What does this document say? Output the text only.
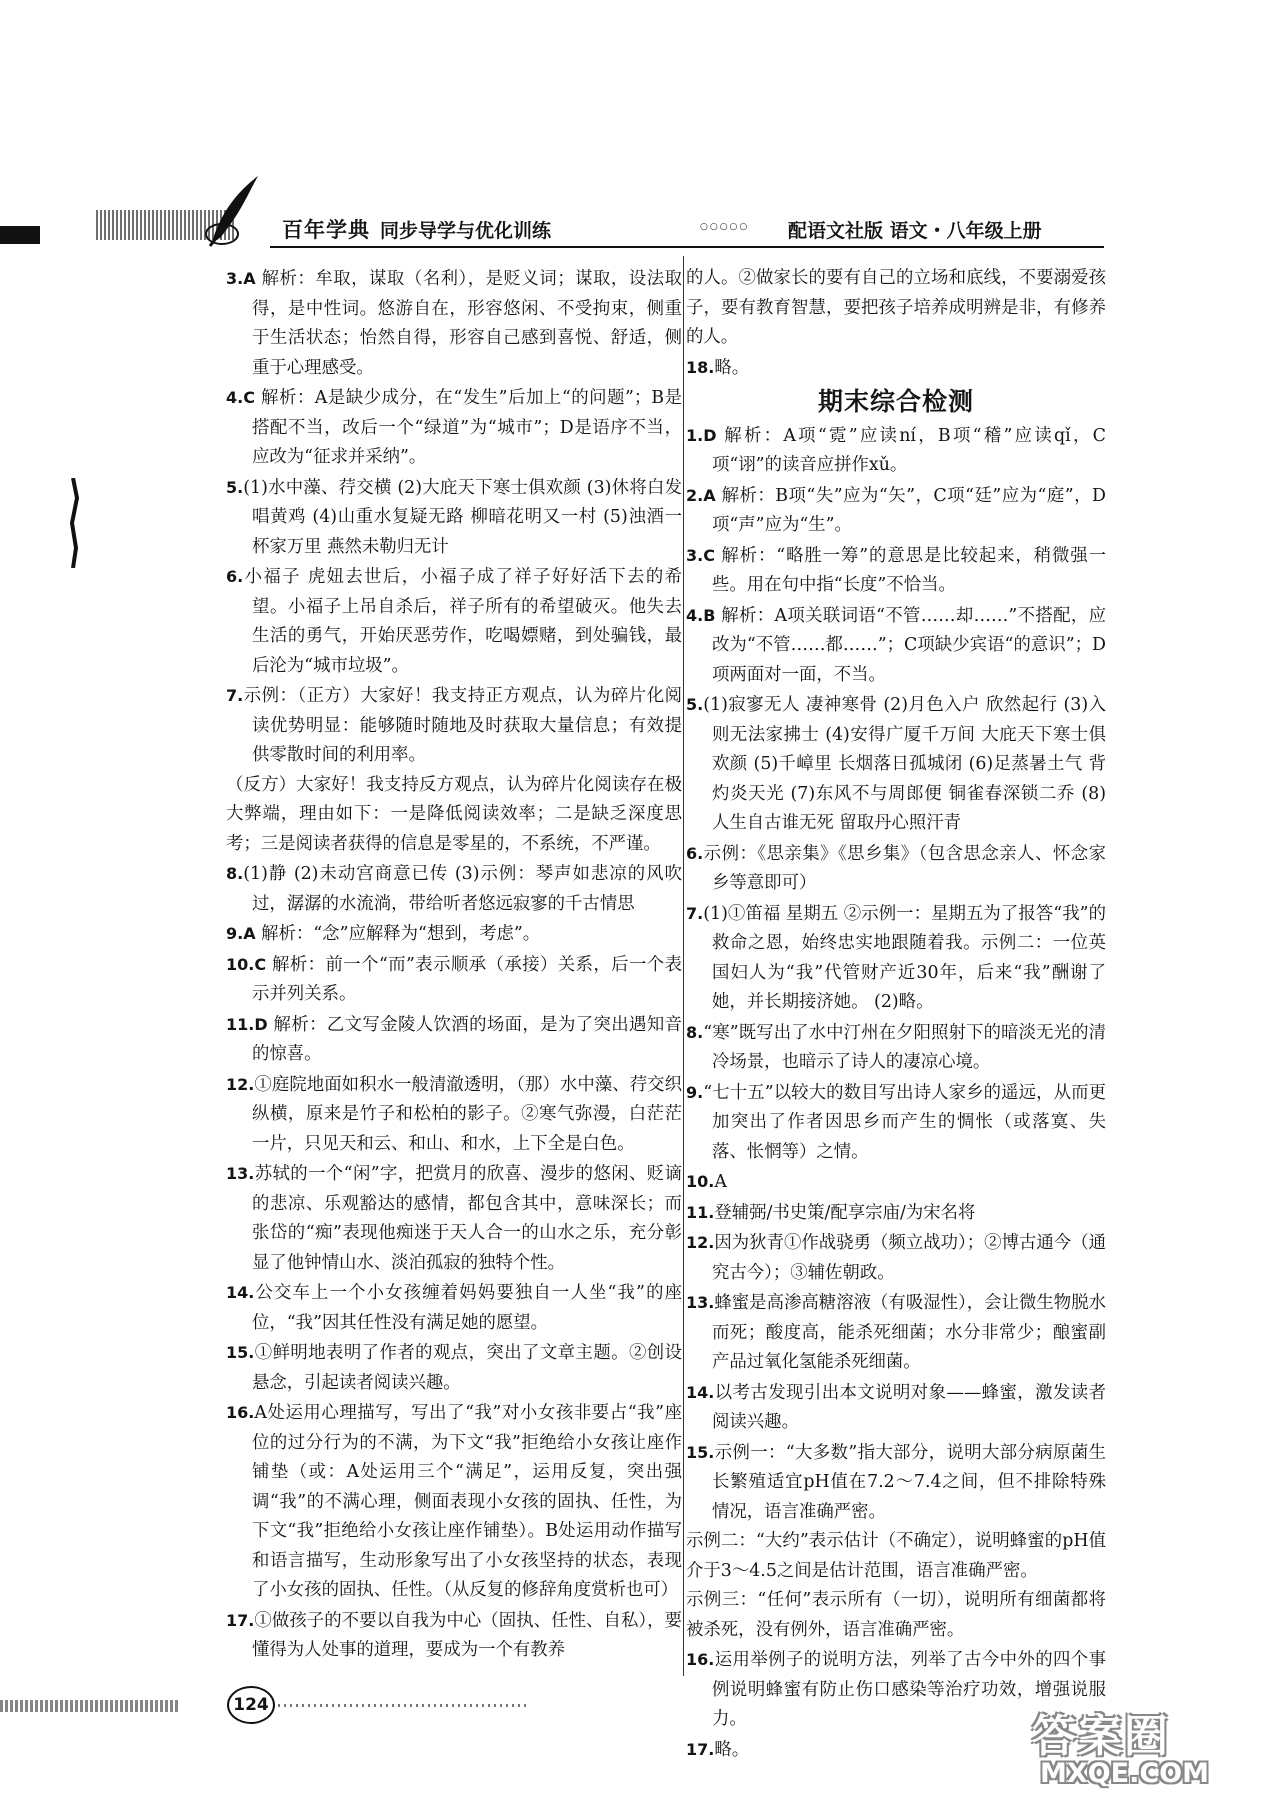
百年学典 同步导学与优化训练	○○○○○ 配语文社版 语文・八年级上册

3.A 解析：牟取，谋取（名利），是贬义词；谋取，设法取得，是中性词。悠游自在，形容悠闲、不受拘束，侧重于生活状态；怡然自得，形容自己感到喜悦、舒适，侧重于心理感受。

4.C 解析：A是缺少成分，在“发生”后加上“的问题”；B是搭配不当，改后一个“绿道”为“城市”；D是语序不当，应改为“征求并采纳”。

5.(1)水中藻、荇交横 (2)大庇天下寒士俱欢颜 (3)休将白发唱黄鸡 (4)山重水复疑无路 柳暗花明又一村 (5)浊酒一杯家万里 燕然未勒归无计

6.小福子 虎妞去世后，小福子成了祥子好好活下去的希望。小福子上吊自杀后，祥子所有的希望破灭。他失去生活的勇气，开始厌恶劳作，吃喝嫖赌，到处骗钱，最后沦为“城市垃圾”。

7.示例：（正方）大家好！我支持正方观点，认为碎片化阅读优势明显：能够随时随地及时获取大量信息；有效提供零散时间的利用率。

（反方）大家好！我支持反方观点，认为碎片化阅读存在极大弊端，理由如下：一是降低阅读效率；二是缺乏深度思考；三是阅读者获得的信息是零星的，不系统，不严谨。

8.(1)静 (2)未动宫商意已传 (3)示例：琴声如悲凉的风吹过，潺潺的水流淌，带给听者悠远寂寥的千古情思

9.A 解析：“念”应解释为“想到，考虑”。

10.C 解析：前一个“而”表示顺承（承接）关系，后一个表示并列关系。

11.D 解析：乙文写金陵人饮酒的场面，是为了突出遇知音的惊喜。

12.①庭院地面如积水一般清澈透明，（那）水中藻、荇交织纵横，原来是竹子和松柏的影子。②寒气弥漫，白茫茫一片，只见天和云、和山、和水，上下全是白色。

13.苏轼的一个“闲”字，把赏月的欣喜、漫步的悠闲、贬谪的悲凉、乐观豁达的感情，都包含其中，意味深长；而张岱的“痴”表现他痴迷于天人合一的山水之乐，充分彰显了他钟情山水、淡泊孤寂的独特个性。

14.公交车上一个小女孩缠着妈妈要独自一人坐“我”的座位，“我”因其任性没有满足她的愿望。

15.①鲜明地表明了作者的观点，突出了文章主题。②创设悬念，引起读者阅读兴趣。

16.A处运用心理描写，写出了“我”对小女孩非要占“我”座位的过分行为的不满，为下文“我”拒绝给小女孩让座作铺垫（或：A处运用三个“满足”，运用反复，突出强调“我”的不满心理，侧面表现小女孩的固执、任性，为下文“我”拒绝给小女孩让座作铺垫）。B处运用动作描写和语言描写，生动形象写出了小女孩坚持的状态，表现了小女孩的固执、任性。（从反复的修辞角度赏析也可）

17.①做孩子的不要以自我为中心（固执、任性、自私），要懂得为人处事的道理，要成为一个有教养

的人。②做家长的要有自己的立场和底线，不要溺爱孩子，要有教育智慧，要把孩子培养成明辨是非，有修养的人。

18.略。

期末综合检测

1.D 解析：A项“霓”应读ní，B项“稽”应读qǐ，C项“诩”的读音应拼作xǔ。

2.A 解析：B项“失”应为“矢”，C项“廷”应为“庭”，D项“声”应为“生”。

3.C 解析：“略胜一筹”的意思是比较起来，稍微强一些。用在句中指“长度”不恰当。

4.B 解析：A项关联词语“不管……却……”不搭配，应改为“不管……都……”；C项缺少宾语“的意识”；D项两面对一面，不当。

5.(1)寂寥无人 凄神寒骨 (2)月色入户 欣然起行 (3)入则无法家拂士 (4)安得广厦千万间 大庇天下寒士俱欢颜 (5)千嶂里 长烟落日孤城闭 (6)足蒸暑土气 背灼炎天光 (7)东风不与周郎便 铜雀春深锁二乔 (8)人生自古谁无死 留取丹心照汗青

6.示例：《思亲集》《思乡集》（包含思念亲人、怀念家乡等意即可）

7.(1)①笛福 星期五 ②示例一：星期五为了报答“我”的救命之恩，始终忠实地跟随着我。示例二：一位英国妇人为“我”代管财产近30年，后来“我”酬谢了她，并长期接济她。 (2)略。

8.“寒”既写出了水中汀州在夕阳照射下的暗淡无光的清冷场景，也暗示了诗人的凄凉心境。

9.“七十五”以较大的数目写出诗人家乡的遥远，从而更加突出了作者因思乡而产生的惆怅（或落寞、失落、怅惘等）之情。

10.A

11.登辅弼/书史策/配享宗庙/为宋名将

12.因为狄青①作战骁勇（频立战功）；②博古通今（通究古今）；③辅佐朝政。

13.蜂蜜是高渗高糖溶液（有吸湿性），会让微生物脱水而死；酸度高，能杀死细菌；水分非常少；酿蜜副产品过氧化氢能杀死细菌。

14.以考古发现引出本文说明对象——蜂蜜，激发读者阅读兴趣。

15.示例一：“大多数”指大部分，说明大部分病原菌生长繁殖适宜pH值在7.2～7.4之间，但不排除特殊情况，语言准确严密。

示例二：“大约”表示估计（不确定），说明蜂蜜的pH值介于3～4.5之间是估计范围，语言准确严密。

示例三：“任何”表示所有（一切），说明所有细菌都将被杀死，没有例外，语言准确严密。

16.运用举例子的说明方法，列举了古今中外的四个事例说明蜂蜜有防止伤口感染等治疗功效，增强说服力。

17.略。

124
答案圈
MXQE.COM
